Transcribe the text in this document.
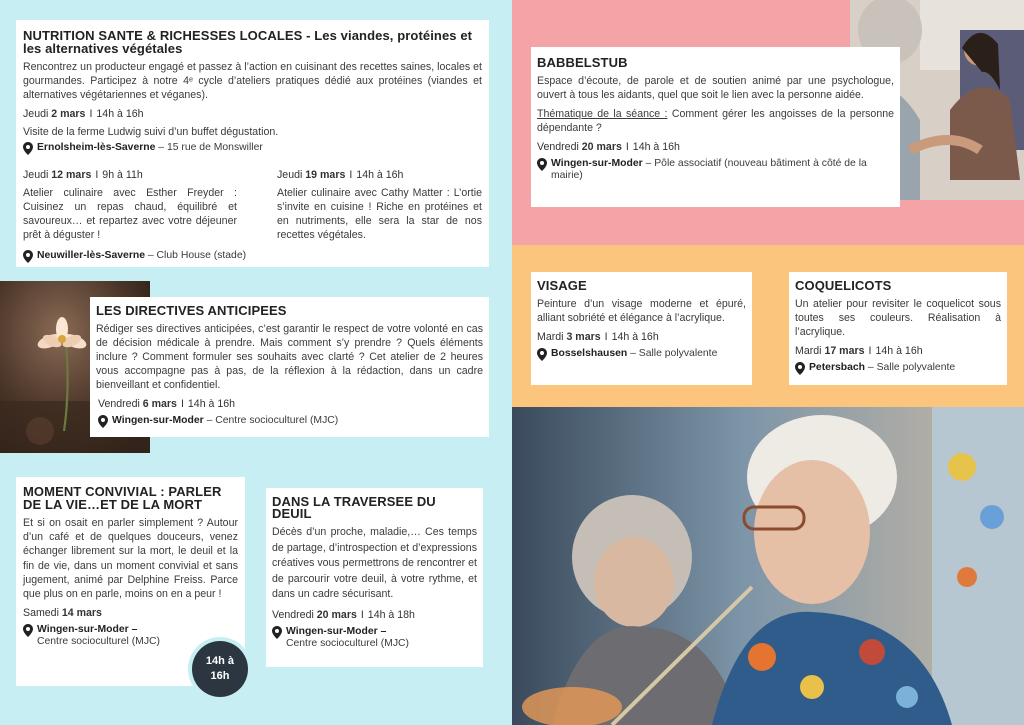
NUTRITION SANTE & RICHESSES LOCALES - Les viandes, protéines et les alternatives végétales

Rencontrez un producteur engagé et passez à l’action en cuisinant des recettes saines, locales et gourmandes. Participez à notre 4ᵉ cycle d’ateliers pratiques dédié aux protéines (viandes et alternatives végétariennes et véganes).

Jeudi 2 mars I 14h à 16h

Visite de la ferme Ludwig suivi d’un buffet dégustation.

Ernolsheim-lès-Saverne – 15 rue de Monswiller
Jeudi 12 mars I 9h à 11h

Atelier culinaire avec Esther Freyder : Cuisinez un repas chaud, équilibré et savoureux… et repartez avec votre déjeuner prêt à déguster !

Jeudi 19 mars I 14h à 16h

Atelier culinaire avec Cathy Matter : L’ortie s’invite en cuisine ! Riche en protéines et en nutriments, elle sera la star de nos recettes végétales.

Neuwiller-lès-Saverne – Club House (stade)
LES DIRECTIVES ANTICIPEES

Rédiger ses directives anticipées, c’est garantir le respect de votre volonté en cas de décision médicale à prendre. Mais comment s’y prendre ? Quels éléments inclure ? Comment formuler ses souhaits avec clarté ? Cet atelier de 2 heures vous accompagne pas à pas, de la réflexion à la rédaction, dans un cadre bienveillant et confidentiel.

Vendredi 6 mars I 14h à 16h
Wingen-sur-Moder – Centre socioculturel (MJC)
MOMENT CONVIVIAL : PARLER DE LA VIE…ET DE LA MORT

Et si on osait en parler simplement ? Autour d’un café et de quelques douceurs, venez échanger librement sur la mort, le deuil et la fin de vie, dans un moment convivial et sans jugement, animé par Delphine Freiss. Parce que plus on en parle, moins on en a peur !

Samedi 14 mars
Wingen-sur-Moder –
Centre socioculturel (MJC)
14h à
16h
DANS LA TRAVERSEE DU DEUIL

Décès d’un proche, maladie,… Ces temps de partage, d’introspection et d’expressions créatives vous permettrons de rencontrer et de parcourir votre deuil, à votre rythme, et dans un cadre sécurisant.

Vendredi 20 mars I 14h à 18h
Wingen-sur-Moder –
Centre socioculturel (MJC)
BABBELSTUB

Espace d’écoute, de parole et de soutien animé par une psychologue, ouvert à tous les aidants, quel que soit le lien avec la personne aidée.

Thématique de la séance : Comment gérer les angoisses de la personne dépendante ?

Vendredi 20 mars I 14h à 16h
Wingen-sur-Moder – Pôle associatif (nouveau bâtiment à côté de la mairie)
VISAGE

Peinture d’un visage moderne et épuré, alliant sobriété et élégance à l’acrylique.

Mardi 3 mars I 14h à 16h
Bosselshausen – Salle polyvalente
COQUELICOTS

Un atelier pour revisiter le coquelicot sous toutes ses couleurs. Réalisation à l’acrylique.

Mardi 17 mars I 14h à 16h
Petersbach – Salle polyvalente
